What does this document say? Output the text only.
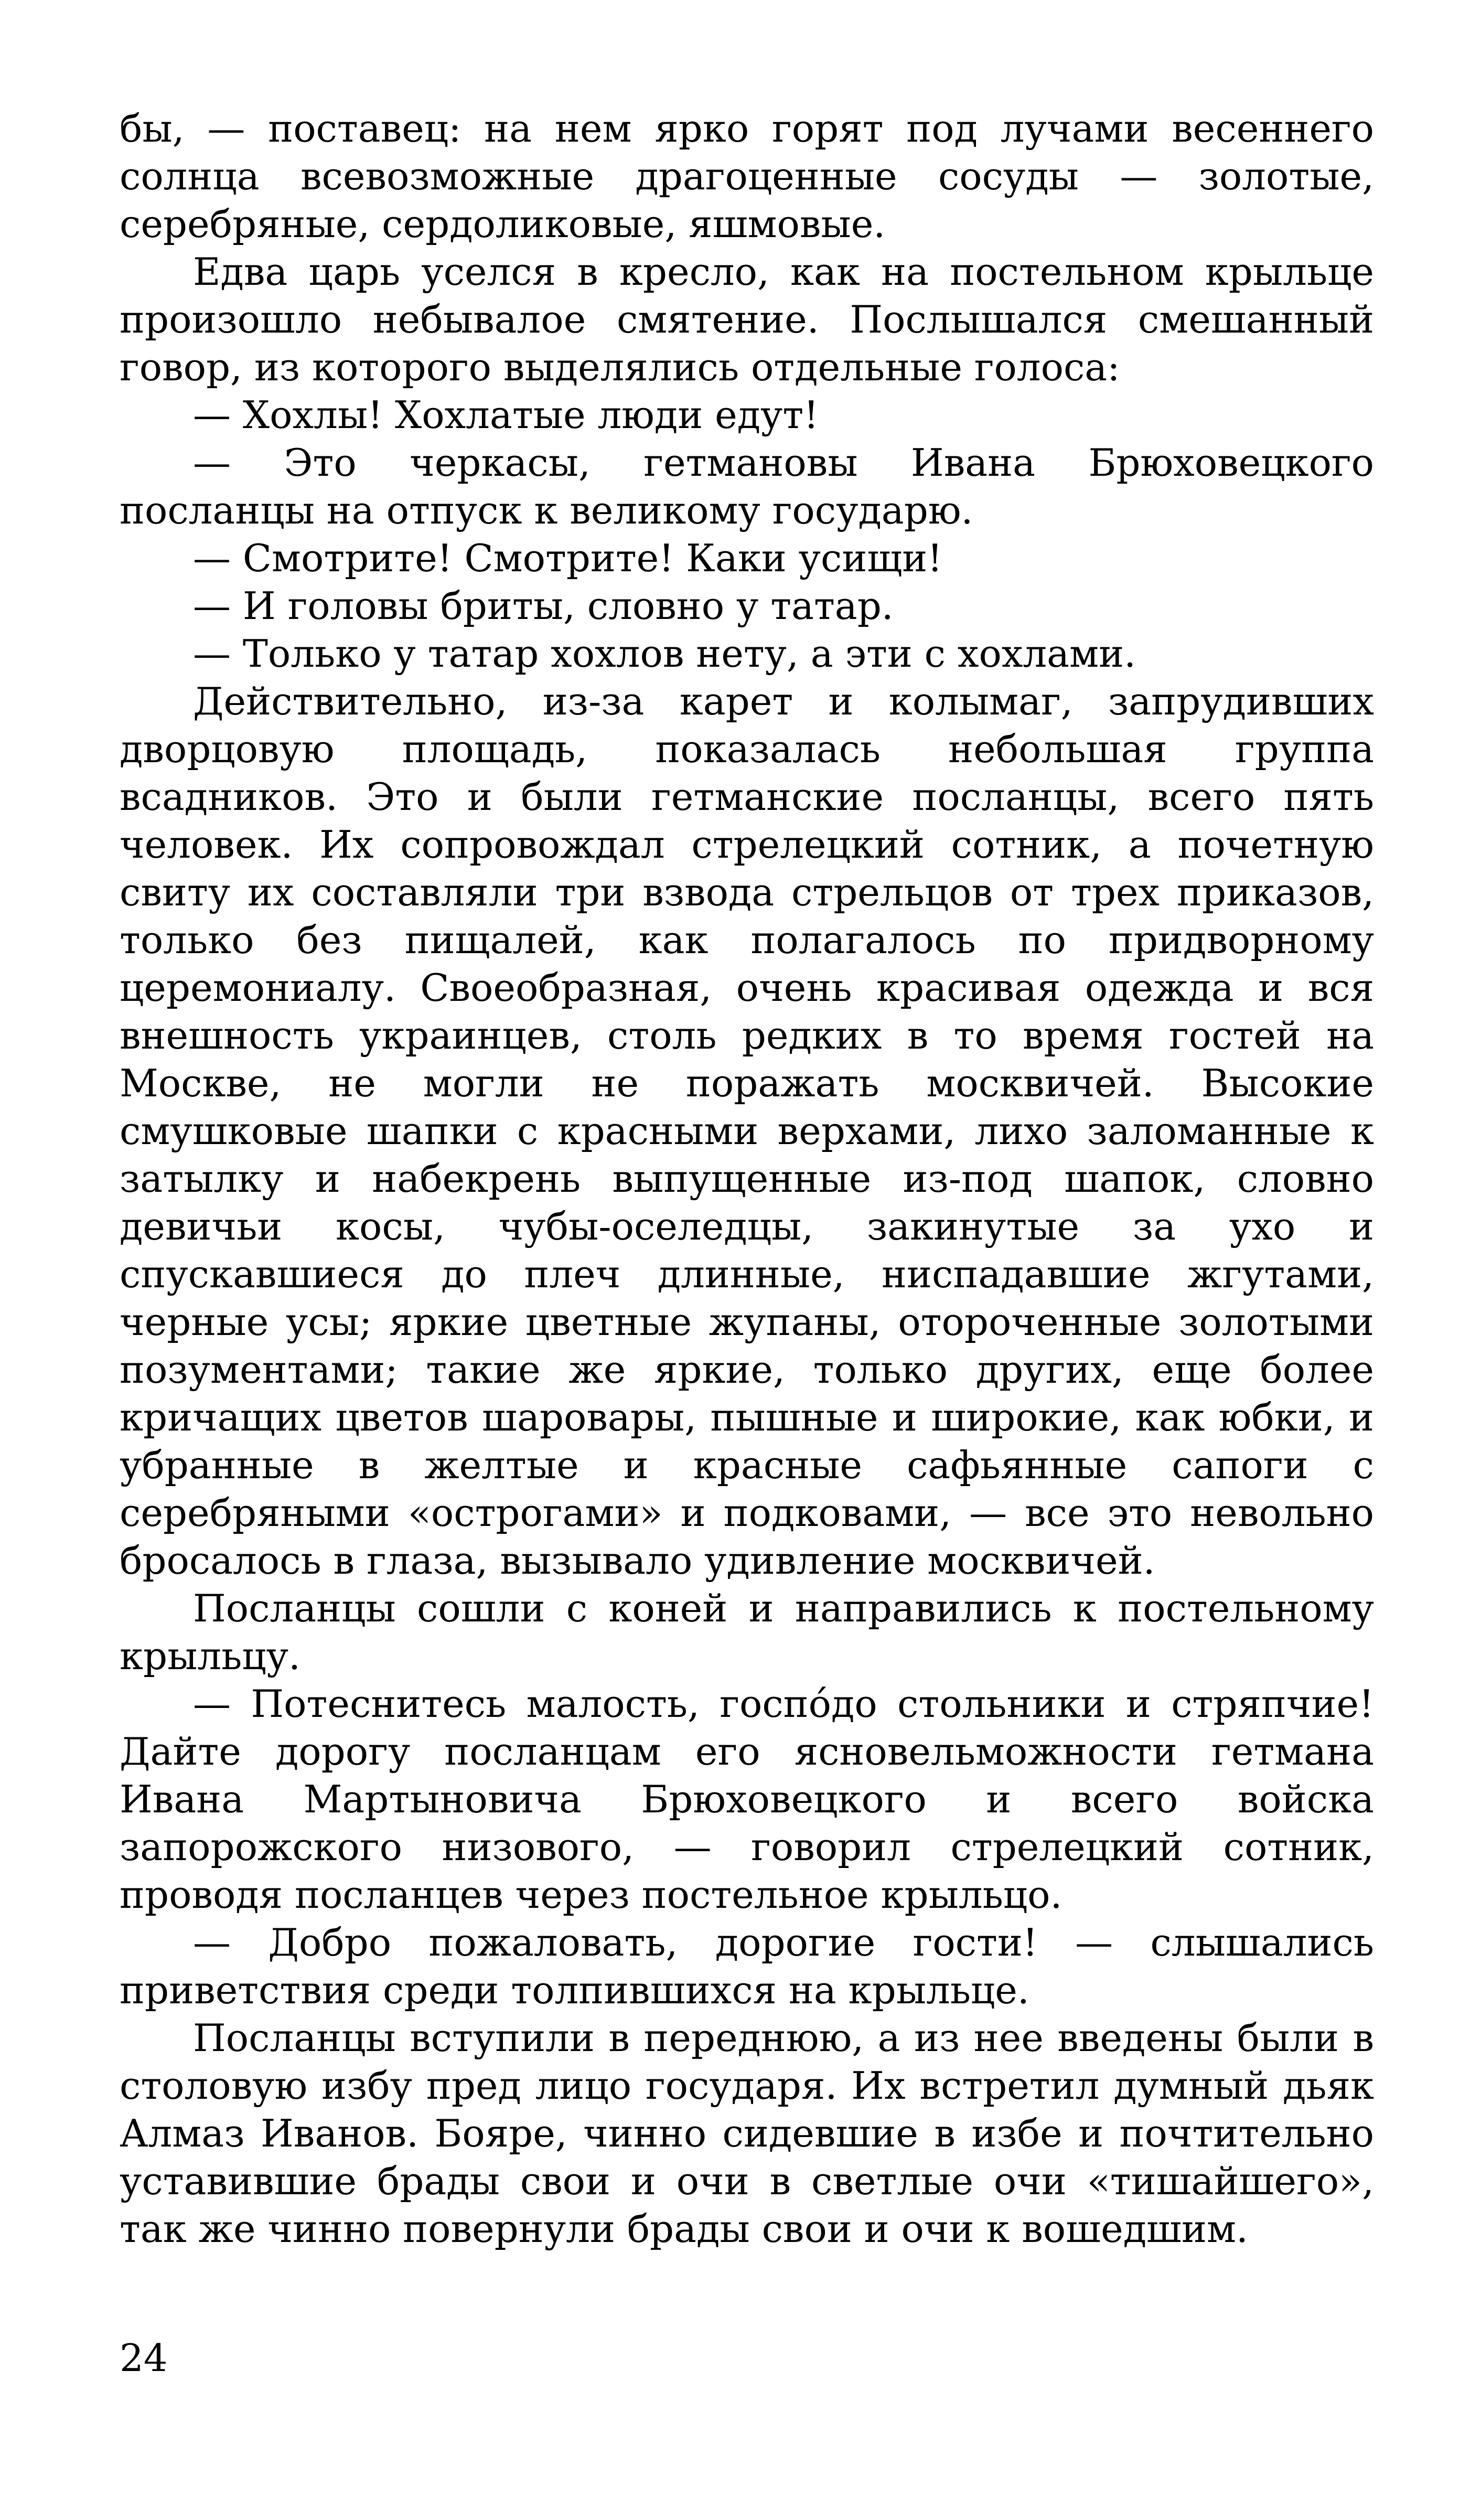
бы, — поставец: на нем ярко горят под лучами весеннего солнца всевозможные драгоценные сосуды — золотые, серебряные, сердоликовые, яшмовые.

Едва царь уселся в кресло, как на постельном крыльце произошло небывалое смятение. Послышался смешанный говор, из которого выделялись отдельные голоса:

— Хохлы! Хохлатые люди едут!

— Это черкасы, гетмановы Ивана Брюховецкого посланцы на отпуск к великому государю.

— Смотрите! Смотрите! Каки усищи!

— И головы бриты, словно у татар.

— Только у татар хохлов нету, а эти с хохлами.

Действительно, из-за карет и колымаг, запрудивших дворцовую площадь, показалась небольшая группа всадников. Это и были гетманские посланцы, всего пять человек. Их сопровождал стрелецкий сотник, а почетную свиту их составляли три взвода стрельцов от трех приказов, только без пищалей, как полагалось по придворному церемониалу. Своеобразная, очень красивая одежда и вся внешность украинцев, столь редких в то время гостей на Москве, не могли не поражать москвичей. Высокие смушковые шапки с красными верхами, лихо заломанные к затылку и набекрень выпущенные из-под шапок, словно девичьи косы, чубы-оселедцы, закинутые за ухо и спускавшиеся до плеч длинные, ниспадавшие жгутами, черные усы; яркие цветные жупаны, отороченные золотыми позументами; такие же яркие, только других, еще более кричащих цветов шаровары, пышные и широкие, как юбки, и убранные в желтые и красные сафьянные сапоги с серебряными «острогами» и подковами, — все это невольно бросалось в глаза, вызывало удивление москвичей.

Посланцы сошли с коней и направились к постельному крыльцу.

— Потеснитесь малость, госпо́до стольники и стряпчие! Дайте дорогу посланцам его ясновельможности гетмана Ивана Мартыновича Брюховецкого и всего войска запорожского низового, — говорил стрелецкий сотник, проводя посланцев через постельное крыльцо.

— Добро пожаловать, дорогие гости! — слышались приветствия среди толпившихся на крыльце.

Посланцы вступили в переднюю, а из нее введены были в столовую избу пред лицо государя. Их встретил думный дьяк Алмаз Иванов. Бояре, чинно сидевшие в избе и почтительно уставившие брады свои и очи в светлые очи «тишайшего», так же чинно повернули брады свои и очи к вошедшим.

24
